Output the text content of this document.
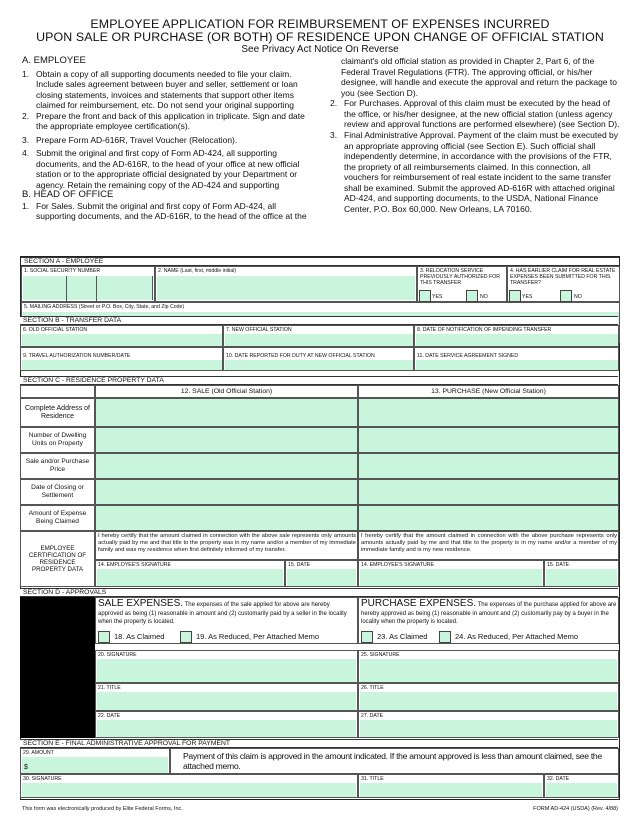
EMPLOYEE APPLICATION FOR REIMBURSEMENT OF EXPENSES INCURRED
UPON SALE OR PURCHASE (OR BOTH) OF RESIDENCE UPON CHANGE OF OFFICIAL STATION
See Privacy Act Notice On Reverse
A. EMPLOYEE
1. Obtain a copy of all supporting documents needed to file your claim. Include sales agreement between buyer and seller, settlement or loan closing statements, invoices and statements that support other items claimed for reimbursement, etc. Do not send your original supporting

2. Prepare the front and back of this application in triplicate. Sign and date the appropriate employee certification(s).

3. Prepare Form AD-616R, Travel Voucher (Relocation).

4. Submit the original and first copy of Form AD-424, all supporting documents, and the AD-616R, to the head of your office at new official station or to the appropriate official designated by your Department or agency. Retain the remaining copy of the AD-424 and supporting

B. HEAD OF OFFICE
1. For Sales. Submit the original and first copy of Form AD-424, all supporting documents, and the AD-616R, to the head of the office at the

claimant's old official station as provided in Chapter 2, Part 6, of the Federal Travel Regulations (FTR). The approving official, or his/her designee, will handle and execute the approval and return the package to you (see Section D).

2. For Purchases. Approval of this claim must be executed by the head of the office, or his/her designee, at the new official station (unless agency review and approval functions are performed elsewhere) (see Section D).

3. Final Administrative Approval. Payment of the claim must be executed by an appropriate approving official (see Section E). Such official shall independently determine, in accordance with the provisions of the FTR, the propriety of all reimbursements claimed. In this connection, all vouchers for reimbursement of real estate incident to the same transfer shall be examined. Submit the approved AD-616R with attached original AD-424, and supporting documents, to the USDA, National Finance Center, P.O. Box 60,000. New Orleans, LA 70160.

SECTION A - EMPLOYEE
1. SOCIAL SECURITY NUMBER	2. NAME (Last, first, middle initial)	3. RELOCATION SERVICE PREVIOUSLY AUTHORIZED FOR THIS TRANSFER
YES	NO
4. HAS EARLIER CLAIM FOR REAL ESTATE EXPENSES BEEN SUBMITTED FOR THIS TRANSFER?
YES	NO
5. MAILING ADDRESS (Street or P.O. Box, City, State, and Zip Code)
SECTION B - TRANSFER DATA
6. OLD OFFICIAL STATION	7. NEW OFFICIAL STATION	8. DATE OF NOTIFICATION OF IMPENDING TRANSFER
9. TRAVEL AUTHORIZATION NUMBER/DATE	10. DATE REPORTED FOR DUTY AT NEW OFFICIAL STATION	11. DATE SERVICE AGREEMENT SIGNED
SECTION C - RESIDENCE PROPERTY DATA
12. SALE (Old Official Station)	13. PURCHASE (New Official Station)
Complete Address of Residence
Number of Dwelling Units on Property
Sale and/or Purchase Price
Date of Closing or Settlement
Amount of Expense Being Claimed
EMPLOYEE CERTIFICATION OF RESIDENCE PROPERTY DATA
I hereby certify that the amount claimed in connection with the above sale represents only amounts actually paid by me and that title to the property was in my name and/or a member of my immediate family and was my residence when first definitely informed of my transfer.
I hereby certify that the amount claimed in connection with the above purchase represents only amounts actually paid by me and that title to the property is in my name and/or a member of my immediate family and is my new residence.
14. EMPLOYEE'S SIGNATURE	15. DATE	14. EMPLOYEE'S SIGNATURE	15. DATE
SECTION D - APPROVALS
SALE EXPENSES. The expenses of the sale applied for above are hereby approved as being (1) reasonable in amount and (2) customarily paid by a seller in the locality when the property is located.
18. As Claimed	19. As Reduced, Per Attached Memo
PURCHASE EXPENSES. The expenses of the purchase applied for above are hereby approved as being (1) reasonable in amount and (2) customarily pay by a buyer in the locality when the property is located.
23. As Claimed	24. As Reduced, Per Attached Memo
20. SIGNATURE	25. SIGNATURE
21. TITLE	26. TITLE
22. DATE	27. DATE
SECTION E - FINAL ADMINISTRATIVE APPROVAL FOR PAYMENT
29. AMOUNT
$
Payment of this claim is approved in the amount indicated. If the amount approved is less than amount claimed, see the attached memo.
30. SIGNATURE	31. TITLE	32. DATE
This form was electronically produced by Elite Federal Forms, Inc.	FORM AD-424 (USDA) (Rev. 4/88)
